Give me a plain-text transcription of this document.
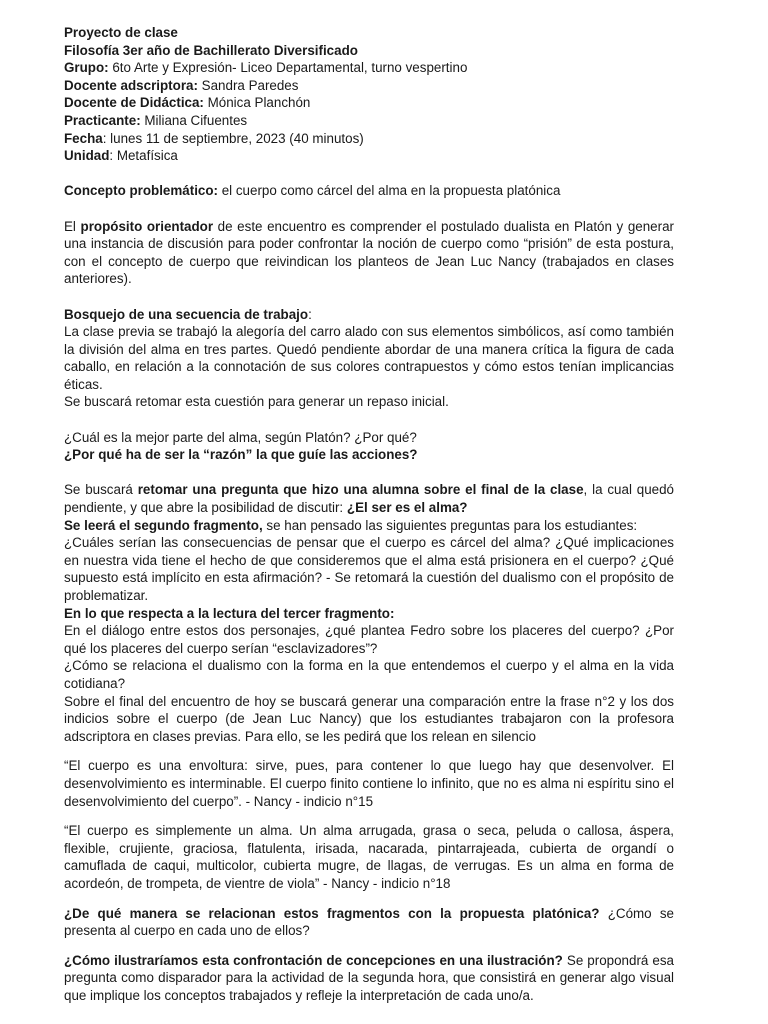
Proyecto de clase

Filosofía 3er año de Bachillerato Diversificado

Grupo: 6to Arte y Expresión- Liceo Departamental, turno vespertino

Docente adscriptora: Sandra Paredes

Docente de Didáctica: Mónica Planchón

Practicante: Miliana Cifuentes

Fecha: lunes 11 de septiembre, 2023 (40 minutos)

Unidad: Metafísica

Concepto problemático: el cuerpo como cárcel del alma en la propuesta platónica

El propósito orientador de este encuentro es comprender el postulado dualista en Platón y generar una instancia de discusión para poder confrontar la noción de cuerpo como “prisión” de esta postura, con el concepto de cuerpo que reivindican los planteos de Jean Luc Nancy (trabajados en clases anteriores).

Bosquejo de una secuencia de trabajo:

La clase previa se trabajó la alegoría del carro alado con sus elementos simbólicos, así como también la división del alma en tres partes. Quedó pendiente abordar de una manera crítica la figura de cada caballo, en relación a la connotación de sus colores contrapuestos y cómo estos tenían implicancias éticas.

Se buscará retomar esta cuestión para generar un repaso inicial.

¿Cuál es la mejor parte del alma, según Platón? ¿Por qué?

¿Por qué ha de ser la “razón” la que guíe las acciones?

Se buscará retomar una pregunta que hizo una alumna sobre el final de la clase, la cual quedó pendiente, y que abre la posibilidad de discutir: ¿El ser es el alma?

Se leerá el segundo fragmento, se han pensado las siguientes preguntas para los estudiantes:

¿Cuáles serían las consecuencias de pensar que el cuerpo es cárcel del alma? ¿Qué implicaciones en nuestra vida tiene el hecho de que consideremos que el alma está prisionera en el cuerpo? ¿Qué supuesto está implícito en esta afirmación? - Se retomará la cuestión del dualismo con el propósito de problematizar.

En lo que respecta a la lectura del tercer fragmento:

En el diálogo entre estos dos personajes, ¿qué plantea Fedro sobre los placeres del cuerpo? ¿Por qué los placeres del cuerpo serían “esclavizadores”?

¿Cómo se relaciona el dualismo con la forma en la que entendemos el cuerpo y el alma en la vida cotidiana?

Sobre el final del encuentro de hoy se buscará generar una comparación entre la frase n°2 y los dos indicios sobre el cuerpo (de Jean Luc Nancy) que los estudiantes trabajaron con la profesora adscriptora en clases previas. Para ello, se les pedirá que los relean en silencio

“El cuerpo es una envoltura: sirve, pues, para contener lo que luego hay que desenvolver. El desenvolvimiento es interminable. El cuerpo finito contiene lo infinito, que no es alma ni espíritu sino el desenvolvimiento del cuerpo”. - Nancy - indicio n°15

“El cuerpo es simplemente un alma. Un alma arrugada, grasa o seca, peluda o callosa, áspera, flexible, crujiente, graciosa, flatulenta, irisada, nacarada, pintarrajeada, cubierta de organdí o camuflada de caqui, multicolor, cubierta mugre, de llagas, de verrugas. Es un alma en forma de acordeón, de trompeta, de vientre de viola” - Nancy - indicio n°18

¿De qué manera se relacionan estos fragmentos con la propuesta platónica? ¿Cómo se presenta al cuerpo en cada uno de ellos?

¿Cómo ilustraríamos esta confrontación de concepciones en una ilustración? Se propondrá esa pregunta como disparador para la actividad de la segunda hora, que consistirá en generar algo visual que implique los conceptos trabajados y refleje la interpretación de cada uno/a.
